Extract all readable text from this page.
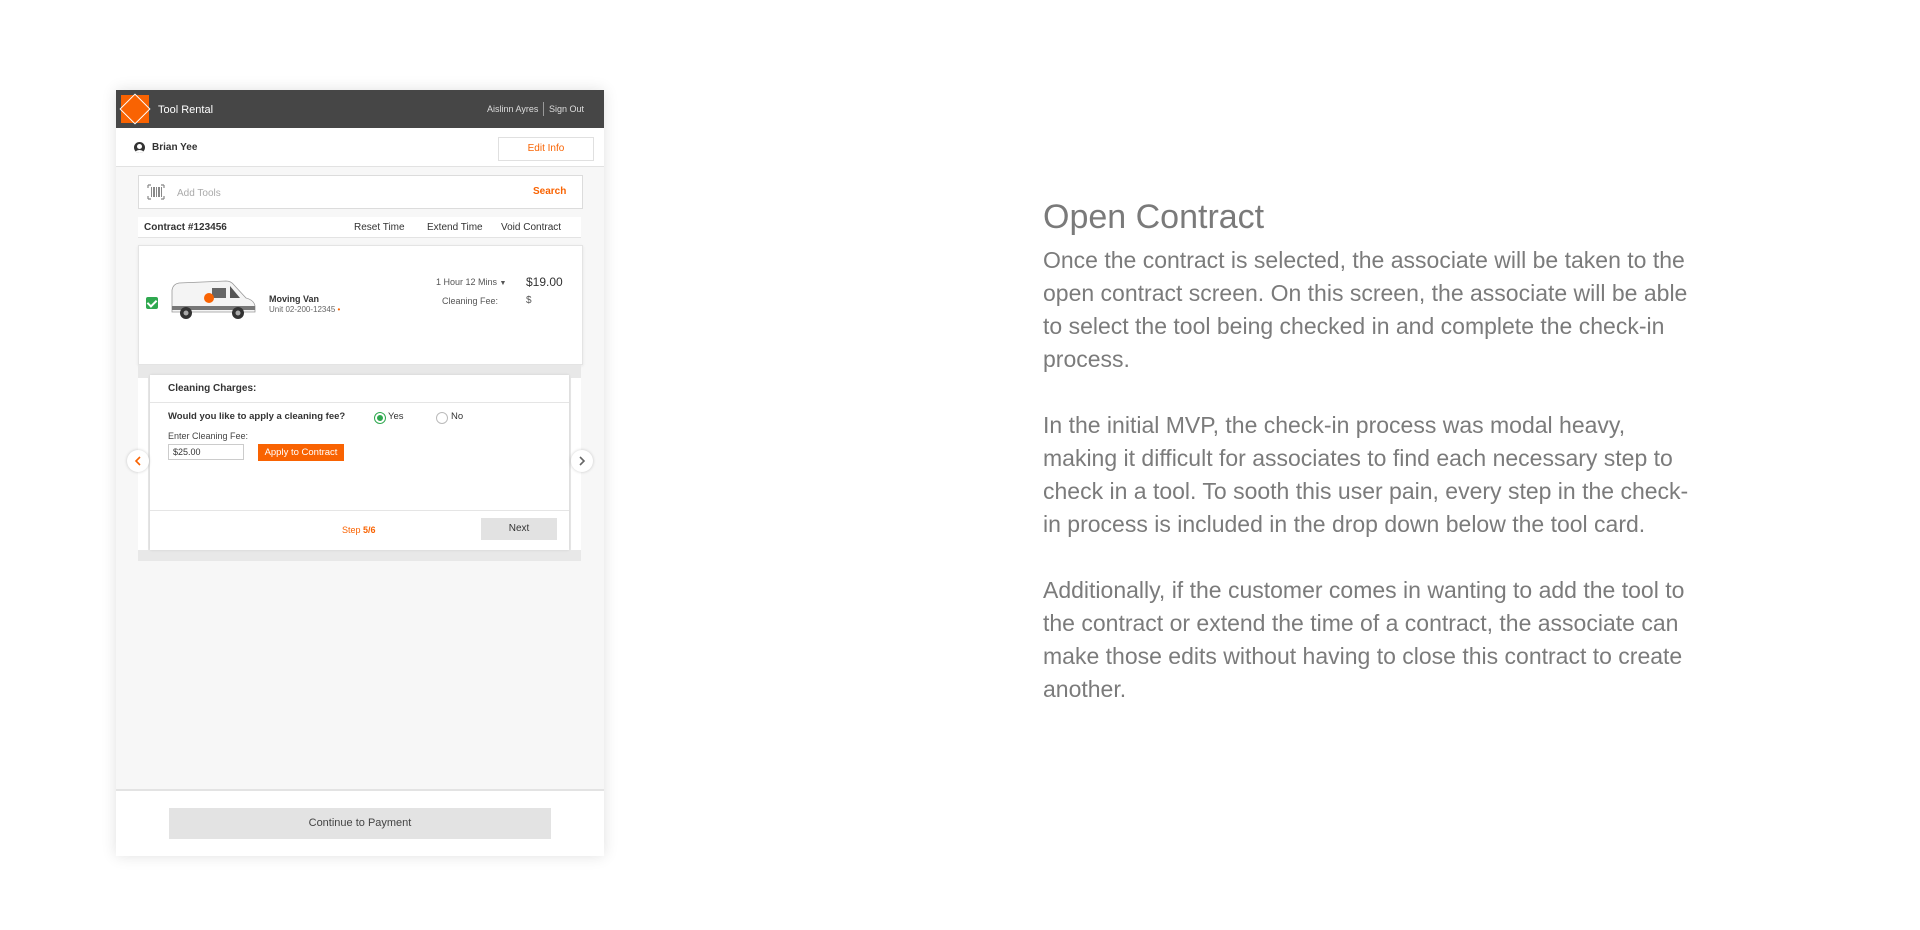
Tool Rental	Aislinn Ayres Sign Out
Brian Yee	Edit Info
Add Tools
Search
Contract #123456	Reset Time Extend Time Void Contract
Moving Van
Unit 02-200-12345 •
1 Hour 12 Mins ▼ $19.00
Cleaning Fee:	$
Cleaning Charges:
Would you like to apply a cleaning fee?	Yes	No
Enter Cleaning Fee:
$25.00
Apply to Contract
Step 5/6	Next
Continue to Payment
Open Contract

Once the contract is selected, the associate will be taken to the open contract screen. On this screen, the associate will be able to select the tool being checked in and complete the check-in process.

In the initial MVP, the check-in process was modal heavy, making it difficult for associates to find each necessary step to check in a tool. To sooth this user pain, every step in the check-in process is included in the drop down below the tool card.

Additionally, if the customer comes in wanting to add the tool to the contract or extend the time of a contract, the associate can make those edits without having to close this contract to create another.
